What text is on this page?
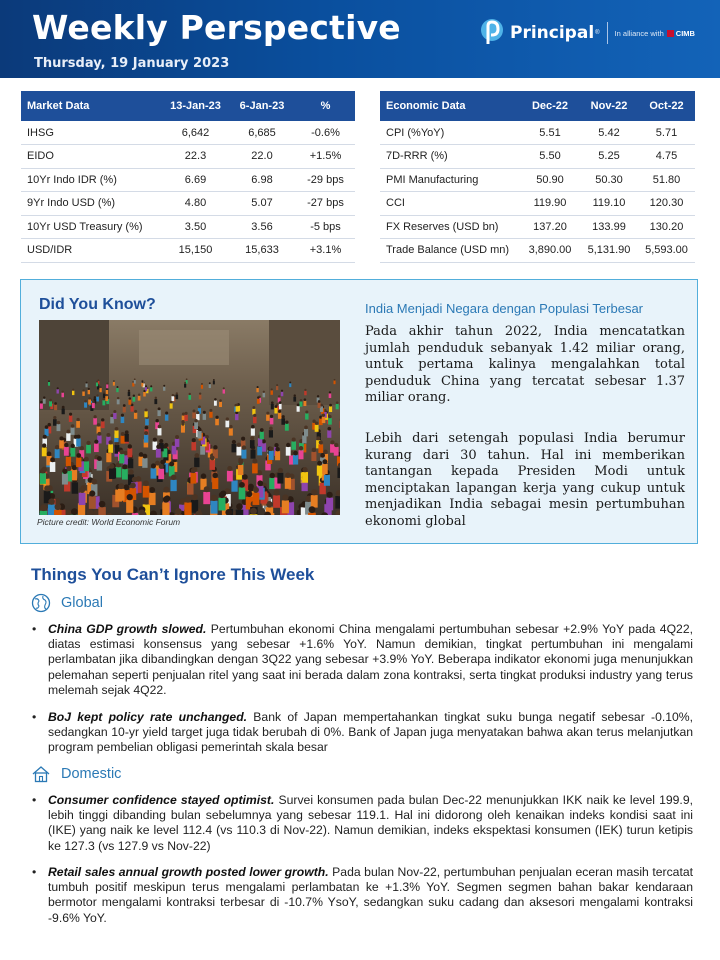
Weekly Perspective
Thursday, 19 January 2023
Principal ® In alliance with CIMB
Market Data	13-Jan-23	6-Jan-23	%
IHSG	6,642	6,685	-0.6%
EIDO	22.3	22.0	+1.5%
10Yr Indo IDR (%)	6.69	6.98	-29 bps
9Yr Indo USD (%)	4.80	5.07	-27 bps
10Yr USD Treasury (%)	3.50	3.56	-5 bps
USD/IDR	15,150	15,633	+3.1%
Economic Data	Dec-22	Nov-22	Oct-22
CPI (%YoY)	5.51	5.42	5.71
7D-RRR (%)	5.50	5.25	4.75
PMI Manufacturing	50.90	50.30	51.80
CCI	119.90	119.10	120.30
FX Reserves (USD bn)	137.20	133.99	130.20
Trade Balance (USD mn)	3,890.00	5,131.90	5,593.00
Did You Know?
Picture credit: World Economic Forum
India Menjadi Negara dengan Populasi Terbesar
Pada akhir tahun 2022, India mencatatkan jumlah penduduk sebanyak 1.42 miliar orang, untuk pertama kalinya mengalahkan total penduduk China yang tercatat sebesar 1.37 miliar orang.
Lebih dari setengah populasi India berumur kurang dari 30 tahun. Hal ini memberikan tantangan kepada Presiden Modi untuk menciptakan lapangan kerja yang cukup untuk menjadikan India sebagai mesin pertumbuhan ekonomi global
Things You Can’t Ignore This Week
Global
• China GDP growth slowed. Pertumbuhan ekonomi China mengalami pertumbuhan sebesar +2.9% YoY pada 4Q22, diatas estimasi konsensus yang sebesar +1.6% YoY. Namun demikian, tingkat pertumbuhan ini mengalami perlambatan jika dibandingkan dengan 3Q22 yang sebesar +3.9% YoY. Beberapa indikator ekonomi juga menunjukkan pelemahan seperti penjualan ritel yang saat ini berada dalam zona kontraksi, serta tingkat produksi industry yang terus melemah sejak 4Q22.
• BoJ kept policy rate unchanged. Bank of Japan mempertahankan tingkat suku bunga negatif sebesar -0.10%, sedangkan 10-yr yield target juga tidak berubah di 0%. Bank of Japan juga menyatakan bahwa akan terus melanjutkan program pembelian obligasi pemerintah skala besar
Domestic
• Consumer confidence stayed optimist. Survei konsumen pada bulan Dec-22 menunjukkan IKK naik ke level 199.9, lebih tinggi dibanding bulan sebelumnya yang sebesar 119.1. Hal ini didorong oleh kenaikan indeks kondisi saat ini (IKE) yang naik ke level 112.4 (vs 110.3 di Nov-22). Namun demikian, indeks ekspektasi konsumen (IEK) turun ketipis ke 127.3 (vs 127.9 vs Nov-22)
• Retail sales annual growth posted lower growth. Pada bulan Nov-22, pertumbuhan penjualan eceran masih tercatat tumbuh positif meskipun terus mengalami perlambatan ke +1.3% YoY. Segmen segmen bahan bakar kendaraan bermotor mengalami kontraksi terbesar di -10.7% YsoY, sedangkan suku cadang dan aksesori mengalami kontraksi -9.6% YoY.
